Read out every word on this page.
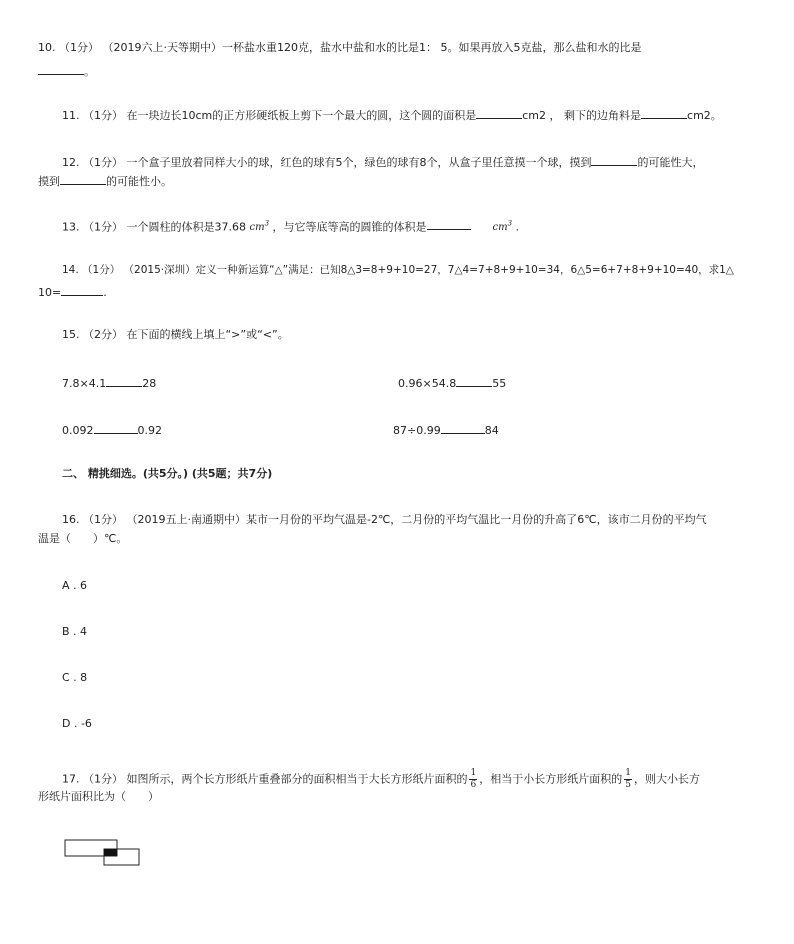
10. （1分） （2019六上·天等期中）一杯盐水重120克，盐水中盐和水的比是1： 5。如果再放入5克盐，那么盐和水的比是
。
11. （1分） 在一块边长10cm的正方形硬纸板上剪下一个最大的圆，这个圆的面积是	cm2 ， 剩下的边角料是	cm2。
12. （1分） 一个盒子里放着同样大小的球，红色的球有5个，绿色的球有8个，从盒子里任意摸一个球，摸到	的可能性大，
摸到	的可能性小。
13. （1分） 一个圆柱的体积是37.68 $cm^3$ ，与它等底等高的圆锥的体积是　　	$cm^3$ .
14. （1分） （2015·深圳）定义一种新运算“△”满足：已知8△3=8+9+10=27，7△4=7+8+9+10=34，6△5=6+7+8+9+10=40，求1△
10=	.
15. （2分） 在下面的横线上填上“>”或“<”。
7.8×4.1	28	0.96×54.8	55
0.092	0.92	87÷0.99	84
二、 精挑细选。(共5分。) (共5题；共7分)
16. （1分） （2019五上·南通期中）某市一月份的平均气温是-2℃，二月份的平均气温比一月份的升高了6℃，该市二月份的平均气
温是（　　）℃。
A . 6
B . 4
C . 8
D . -6
17. （1分） 如图所示，两个长方形纸片重叠部分的面积相当于大长方形纸片面积的 $\frac{1}{6}$ ，相当于小长方形纸片面积的 $\frac{1}{5}$ ，则大小长方
形纸片面积比为（　　）
